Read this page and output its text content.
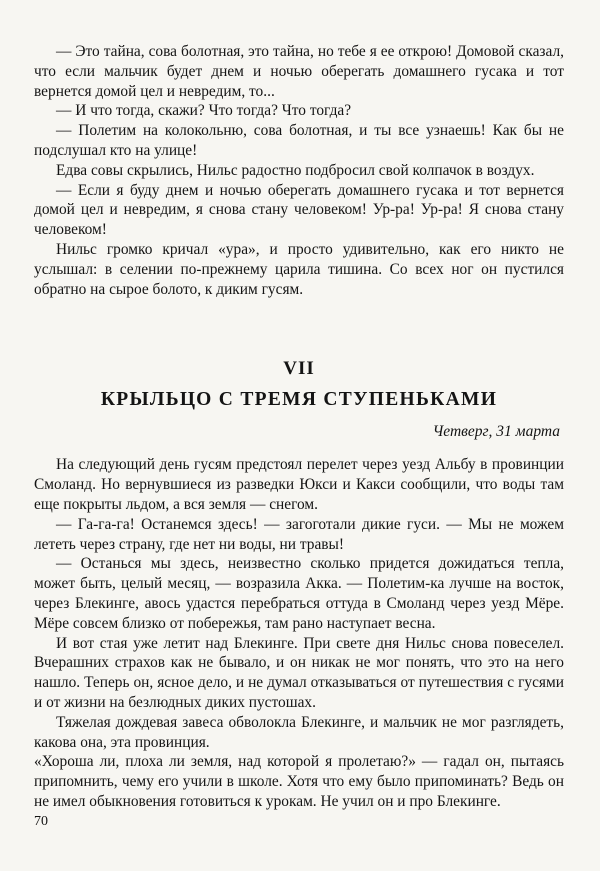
— Это тайна, сова болотная, это тайна, но тебе я ее открою! Домовой сказал, что если мальчик будет днем и ночью оберегать домашнего гусака и тот вернется домой цел и невредим, то...

— И что тогда, скажи? Что тогда? Что тогда?

— Полетим на колокольню, сова болотная, и ты все узнаешь! Как бы не подслушал кто на улице!

Едва совы скрылись, Нильс радостно подбросил свой колпачок в воздух.

— Если я буду днем и ночью оберегать домашнего гусака и тот вернется домой цел и невредим, я снова стану человеком! Ур-ра! Ур-ра! Я снова стану человеком!

Нильс громко кричал «ура», и просто удивительно, как его никто не услышал: в селении по-прежнему царила тишина. Со всех ног он пустился обратно на сырое болото, к диким гусям.

VII
КРЫЛЬЦО С ТРЕМЯ СТУПЕНЬКАМИ
Четверг, 31 марта

На следующий день гусям предстоял перелет через уезд Альбу в провинции Смоланд. Но вернувшиеся из разведки Юкси и Какси сообщили, что воды там еще покрыты льдом, а вся земля — снегом.

— Га-га-га! Останемся здесь! — загоготали дикие гуси. — Мы не можем лететь через страну, где нет ни воды, ни травы!

— Останься мы здесь, неизвестно сколько придется дожидаться тепла, может быть, целый месяц, — возразила Акка. — Полетим-ка лучше на восток, через Блекинге, авось удастся перебраться оттуда в Смоланд через уезд Мёре. Мёре совсем близко от побережья, там рано наступает весна.

И вот стая уже летит над Блекинге. При свете дня Нильс снова повеселел. Вчерашних страхов как не бывало, и он никак не мог понять, что это на него нашло. Теперь он, ясное дело, и не думал отказываться от путешествия с гусями и от жизни на безлюдных диких пустошах.

Тяжелая дождевая завеса обволокла Блекинге, и мальчик не мог разглядеть, какова она, эта провинция.

«Хороша ли, плоха ли земля, над которой я пролетаю?» — гадал он, пытаясь припомнить, чему его учили в школе. Хотя что ему было припоминать? Ведь он не имел обыкновения готовиться к урокам. Не учил он и про Блекинге.

70
